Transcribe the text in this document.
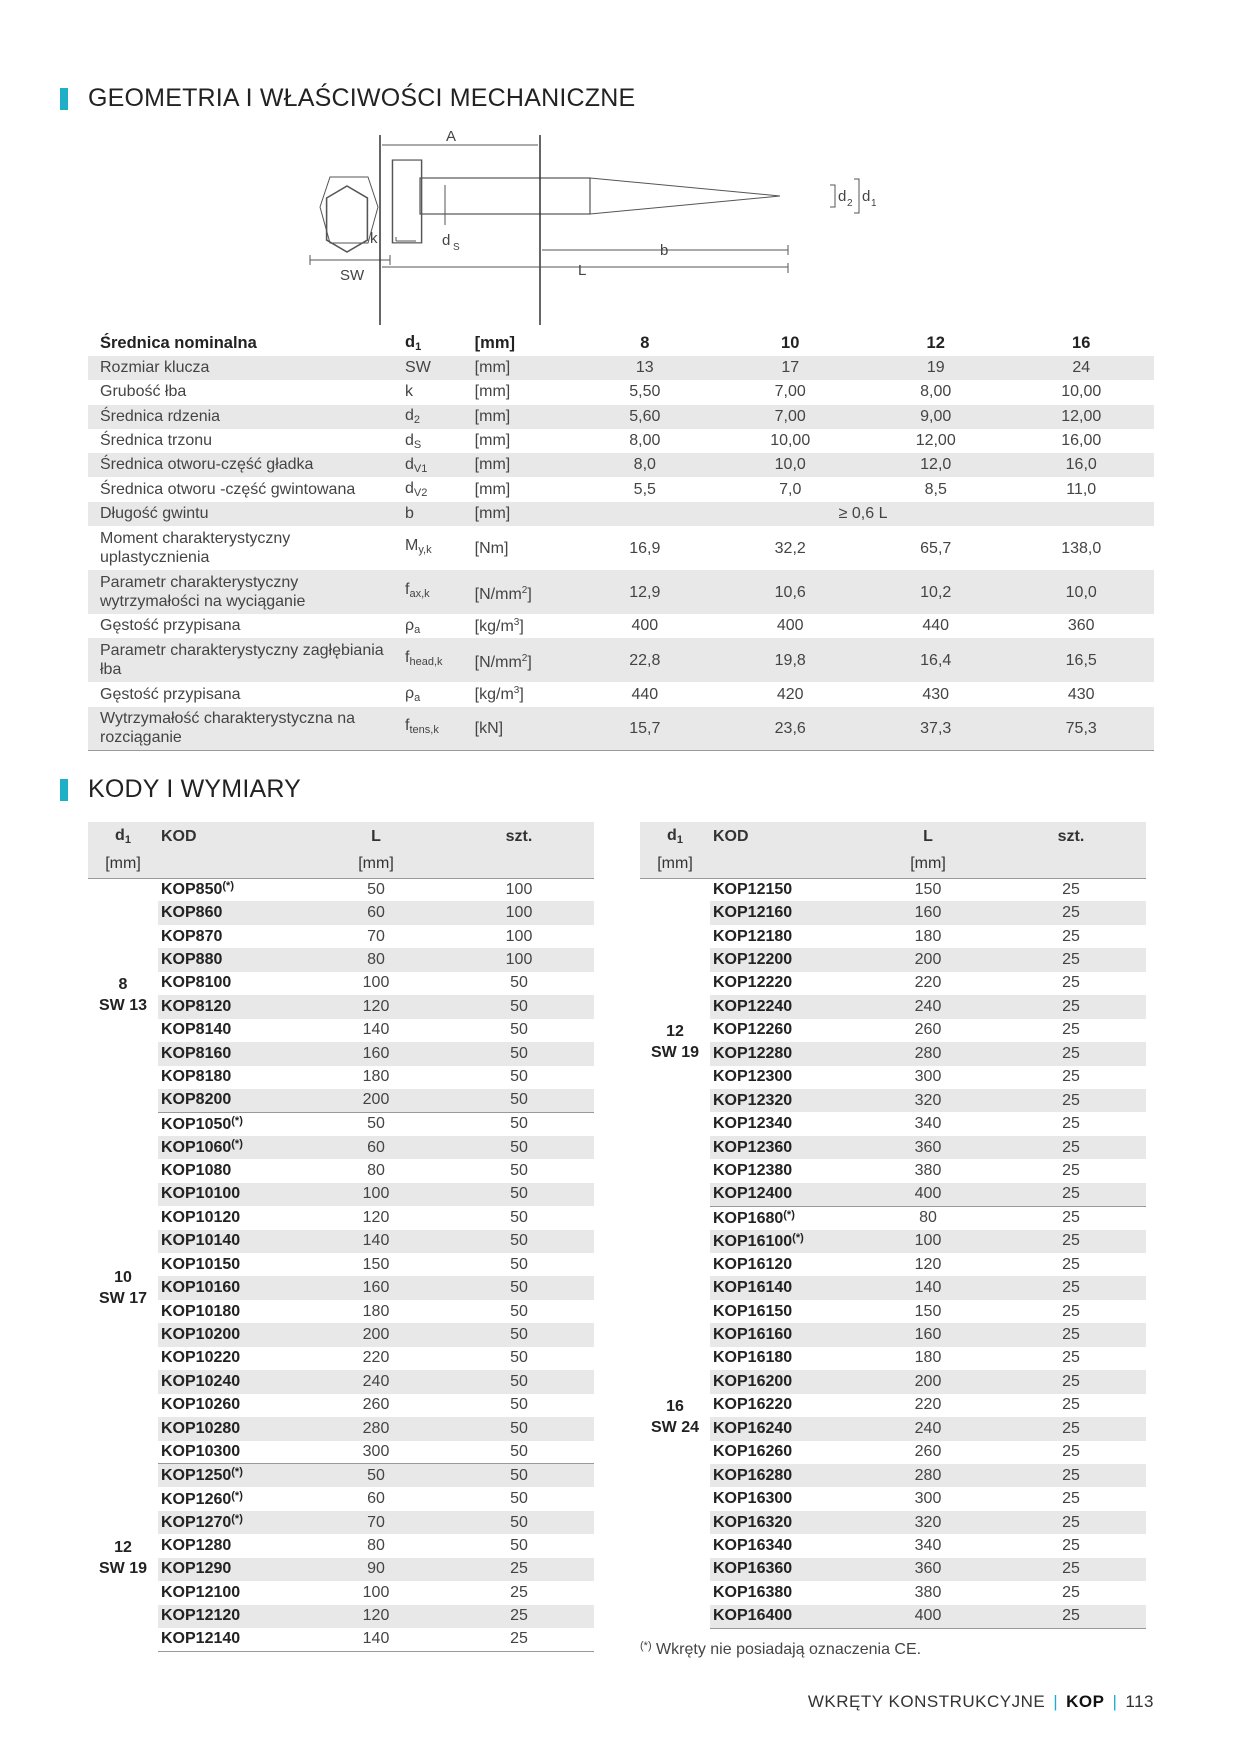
GEOMETRIA I WŁAŚCIWOŚCI MECHANICZNE
SW
A
k	d S	b
L
d 2 d 1
Średnica nominalna	$d_1$	[mm]	8	10	12	16
Rozmiar klucza	SW	[mm]	13	17	19	24
Grubość łba	k	[mm]	5,50	7,00	8,00	10,00
Średnica rdzenia	$d_2$	[mm]	5,60	7,00	9,00	12,00
Średnica trzonu	$d_S$	[mm]	8,00	10,00	12,00	16,00
Średnica otworu-część gładka	$d_{V1}$	[mm]	8,0	10,0	12,0	16,0
Średnica otworu -część gwintowana	$d_{V2}$	[mm]	5,5	7,0	8,5	11,0
Długość gwintu	b	[mm]	≥ 0,6 L			
Moment charakterystyczny uplastycznienia	$M_{y,k}$	[Nm]	16,9	32,2	65,7	138,0
Parametr charakterystyczny wytrzymałości na wyciąganie	$f_{ax,k}$	$[N/mm^2]$	12,9	10,6	10,2	10,0
Gęstość przypisana	$\rho_a$	$[kg/m^3]$	400	400	440	360
Parametr charakterystyczny zagłębiania łba	$f_{head,k}$	$[N/mm^2]$	22,8	19,8	16,4	16,5
Gęstość przypisana	$\rho_a$	$[kg/m^3]$	440	420	430	430
Wytrzymałość charakterystyczna na rozciąganie	$f_{tens,k}$	[kN]	15,7	23,6	37,3	75,3
KODY I WYMIARY
$d_1$	KOD	L	szt.
[mm]		[mm]	
8
SW 13	KOP850(*)	50	100
	KOP860	60	100
	KOP870	70	100
	KOP880	80	100
	KOP8100	100	50
	KOP8120	120	50
	KOP8140	140	50
	KOP8160	160	50
	KOP8180	180	50
	KOP8200	200	50
10
SW 17	KOP1050(*)	50	50
	KOP1060(*)	60	50
	KOP1080	80	50
	KOP10100	100	50
	KOP10120	120	50
	KOP10140	140	50
	KOP10150	150	50
	KOP10160	160	50
	KOP10180	180	50
	KOP10200	200	50
	KOP10220	220	50
	KOP10240	240	50
	KOP10260	260	50
	KOP10280	280	50
	KOP10300	300	50
12
SW 19	KOP1250(*)	50	50
	KOP1260(*)	60	50
	KOP1270(*)	70	50
	KOP1280	80	50
	KOP1290	90	25
	KOP12100	100	25
	KOP12120	120	25
	KOP12140	140	25
$d_1$	KOD	L	szt.
[mm]		[mm]	
12
SW 19	KOP12150	150	25
	KOP12160	160	25
	KOP12180	180	25
	KOP12200	200	25
	KOP12220	220	25
	KOP12240	240	25
	KOP12260	260	25
	KOP12280	280	25
	KOP12300	300	25
	KOP12320	320	25
	KOP12340	340	25
	KOP12360	360	25
	KOP12380	380	25
	KOP12400	400	25
16
SW 24	KOP1680(*)	80	25
	KOP16100(*)	100	25
	KOP16120	120	25
	KOP16140	140	25
	KOP16150	150	25
	KOP16160	160	25
	KOP16180	180	25
	KOP16200	200	25
	KOP16220	220	25
	KOP16240	240	25
	KOP16260	260	25
	KOP16280	280	25
	KOP16300	300	25
	KOP16320	320	25
	KOP16340	340	25
	KOP16360	360	25
	KOP16380	380	25
	KOP16400	400	25
(*) Wkręty nie posiadają oznaczenia CE.
WKRĘTY KONSTRUKCYJNE | KOP | 113
